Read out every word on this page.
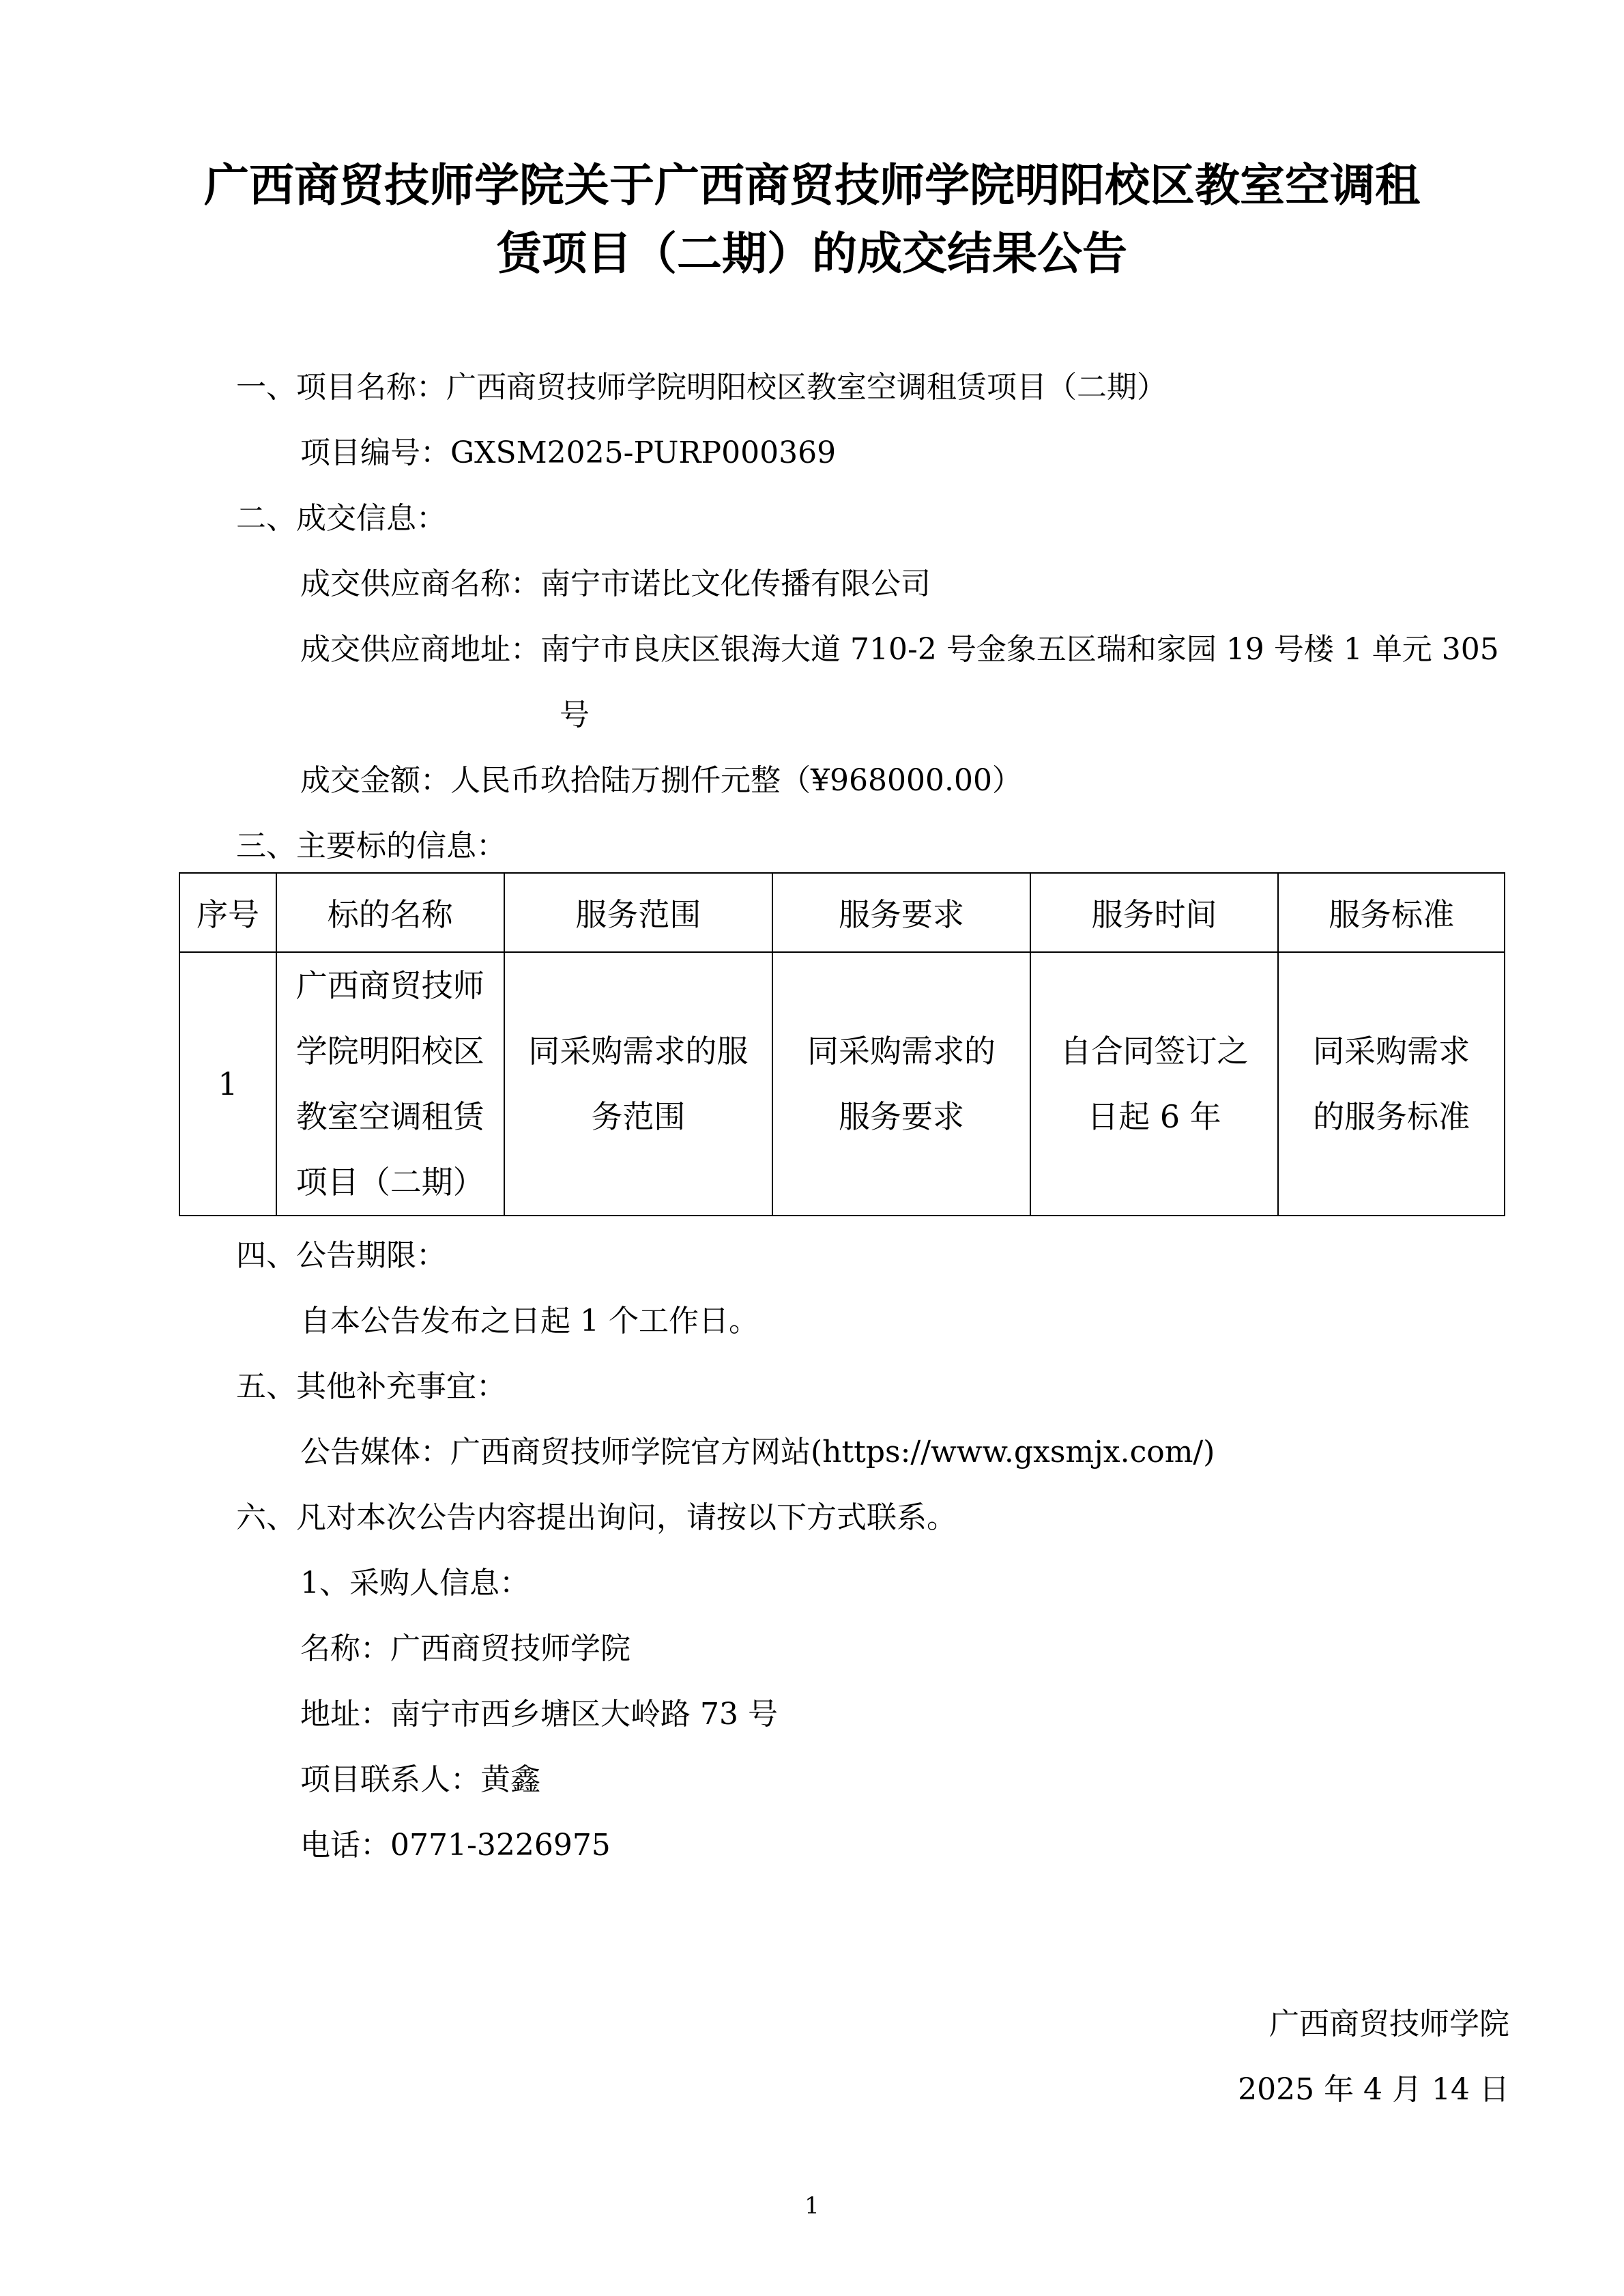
广西商贸技师学院关于广西商贸技师学院明阳校区教室空调租
赁项目（二期）的成交结果公告
一、项目名称：广西商贸技师学院明阳校区教室空调租赁项目（二期）
项目编号：GXSM2025-PURP000369
二、成交信息：
成交供应商名称：南宁市诺比文化传播有限公司
成交供应商地址：南宁市良庆区银海大道 710-2 号金象五区瑞和家园 19 号楼 1 单元 305
号
成交金额：人民币玖拾陆万捌仟元整（¥968000.00）
三、主要标的信息：
序号	标的名称	服务范围	服务要求	服务时间	服务标准
1	广西商贸技师
学院明阳校区
教室空调租赁
项目（二期）	同采购需求的服
务范围	同采购需求的
服务要求	自合同签订之
日起 6 年	同采购需求
的服务标准
四、公告期限：
自本公告发布之日起 1 个工作日。
五、其他补充事宜：
公告媒体：广西商贸技师学院官方网站(https://www.gxsmjx.com/)
六、凡对本次公告内容提出询问，请按以下方式联系。
1、采购人信息：
名称：广西商贸技师学院
地址：南宁市西乡塘区大岭路 73 号
项目联系人：黄鑫
电话：0771-3226975
广西商贸技师学院
2025 年 4 月 14 日
1
